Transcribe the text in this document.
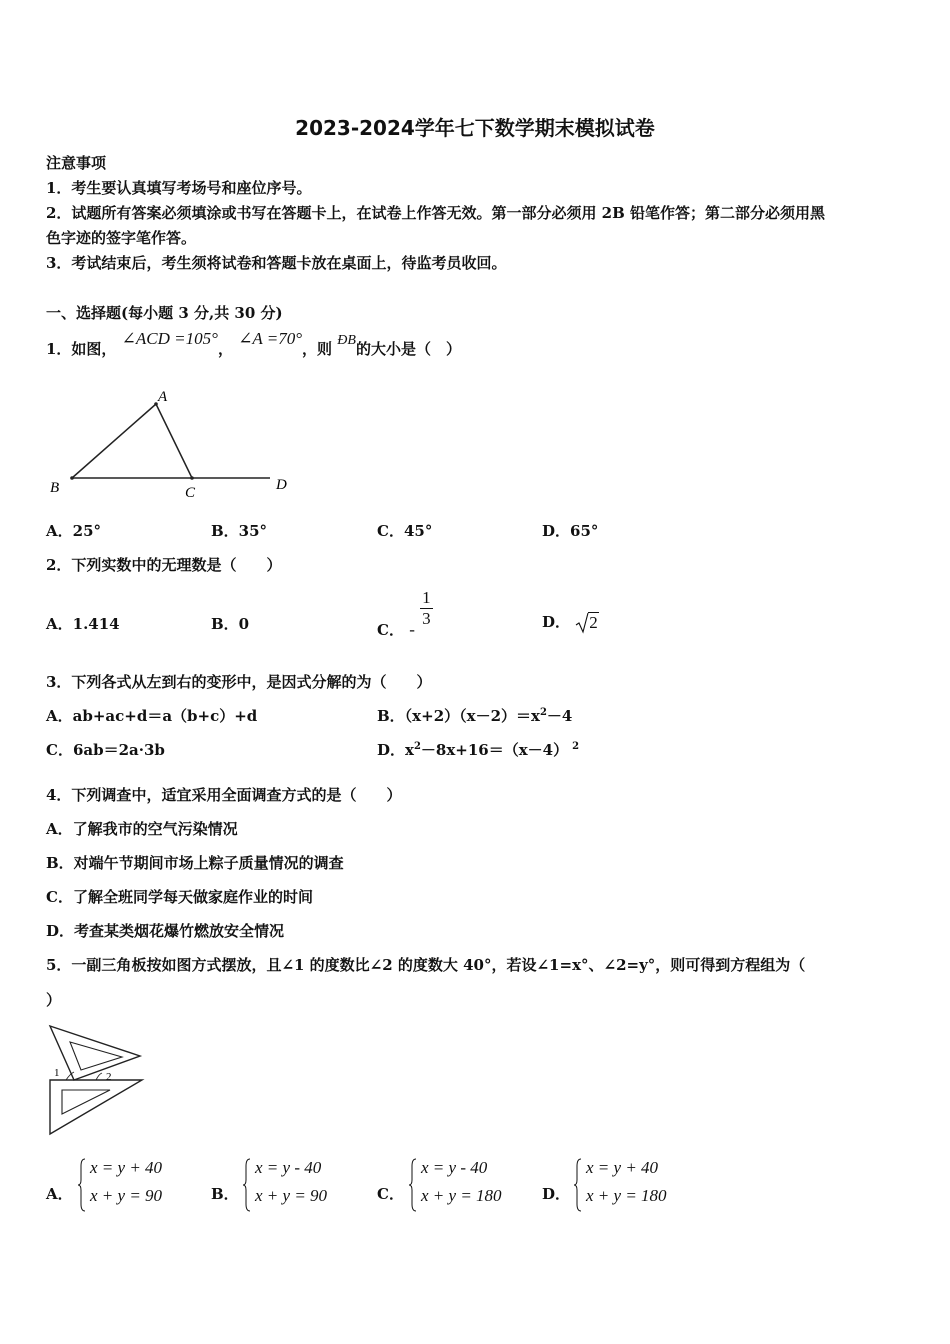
2023-2024学年七下数学期末模拟试卷
注意事项
1．考生要认真填写考场号和座位序号。
2．试题所有答案必须填涂或书写在答题卡上，在试卷上作答无效。第一部分必须用 2B 铅笔作答；第二部分必须用黑
色字迹的签字笔作答。
3．考试结束后，考生须将试卷和答题卡放在桌面上，待监考员收回。
一、选择题(每小题 3 分,共 30 分)
1．如图， ∠ACD =105°， ∠A =70°，则 ÐB的大小是（　）
A
B	C	D
A．25°	B．35°	C．45°	D．65°
2．下列实数中的无理数是（　　）
A．1.414	B．0	C． - $\frac{1}{3}$	D． 2
3．下列各式从左到右的变形中，是因式分解的为（　　）
A．ab+ac+d＝a（b+c）+d	B．$(x+2)(x-2)=x^2-4$
C．6ab＝2a·3b	D．$x^2-8x+16=(x-4)$ $^2$
4．下列调查中，适宜采用全面调查方式的是（　　）
A．了解我市的空气污染情况
B．对端午节期间市场上粽子质量情况的调查
C．了解全班同学每天做家庭作业的时间
D．考查某类烟花爆竹燃放安全情况
5．一副三角板按如图方式摆放，且∠1 的度数比∠2 的度数大 40°，若设∠1=x°、∠2=y°，则可得到方程组为（
）
1	2
A．
x = y + 40
x + y = 90	B．
x = y - 40
x + y = 90	C．
x = y - 40
x + y = 180	D．
x = y + 40
x + y = 180
